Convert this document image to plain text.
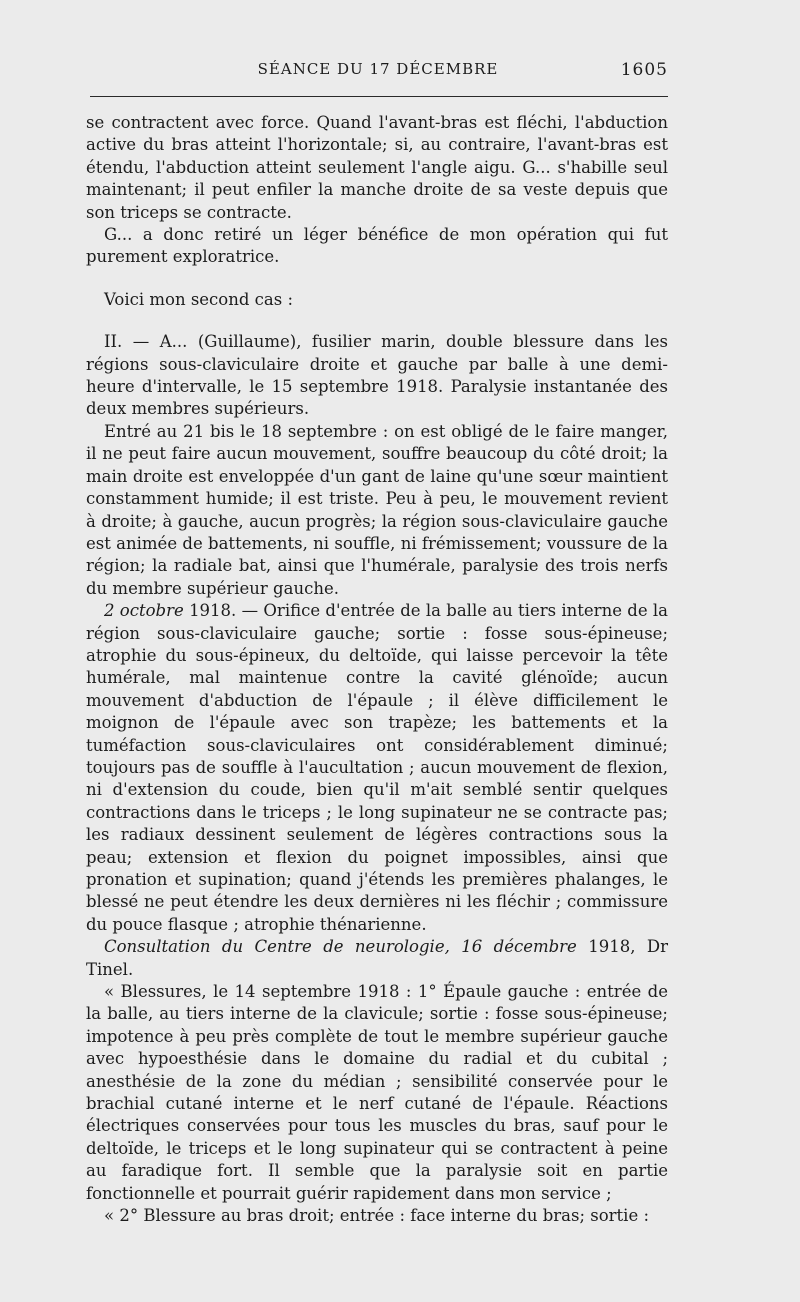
SÉANCE DU 17 DÉCEMBRE	1605

se contractent avec force. Quand l'avant-bras est fléchi, l'abduction active du bras atteint l'horizontale; si, au contraire, l'avant-bras est étendu, l'abduction atteint seulement l'angle aigu. G... s'habille seul maintenant; il peut enfiler la manche droite de sa veste depuis que son triceps se contracte.

G... a donc retiré un léger bénéfice de mon opération qui fut purement exploratrice.

Voici mon second cas :

II. — A... (Guillaume), fusilier marin, double blessure dans les régions sous-claviculaire droite et gauche par balle à une demi-heure d'intervalle, le 15 septembre 1918. Paralysie instantanée des deux membres supérieurs.

Entré au 21 bis le 18 septembre : on est obligé de le faire manger, il ne peut faire aucun mouvement, souffre beaucoup du côté droit; la main droite est enveloppée d'un gant de laine qu'une sœur maintient constamment humide; il est triste. Peu à peu, le mouvement revient à droite; à gauche, aucun progrès; la région sous-claviculaire gauche est animée de battements, ni souffle, ni frémissement; voussure de la région; la radiale bat, ainsi que l'humérale, paralysie des trois nerfs du membre supérieur gauche.

2 octobre 1918. — Orifice d'entrée de la balle au tiers interne de la région sous-claviculaire gauche; sortie : fosse sous-épineuse; atrophie du sous-épineux, du deltoïde, qui laisse percevoir la tête humérale, mal maintenue contre la cavité glénoïde; aucun mouvement d'abduction de l'épaule ; il élève difficilement le moignon de l'épaule avec son trapèze; les battements et la tuméfaction sous-claviculaires ont considérablement diminué; toujours pas de souffle à l'aucultation ; aucun mouvement de flexion, ni d'extension du coude, bien qu'il m'ait semblé sentir quelques contractions dans le triceps ; le long supinateur ne se contracte pas; les radiaux dessinent seulement de légères contractions sous la peau; extension et flexion du poignet impossibles, ainsi que pronation et supination; quand j'étends les premières phalanges, le blessé ne peut étendre les deux dernières ni les fléchir ; commissure du pouce flasque ; atrophie thénarienne.

Consultation du Centre de neurologie, 16 décembre 1918, Dr Tinel.

« Blessures, le 14 septembre 1918 : 1° Épaule gauche : entrée de la balle, au tiers interne de la clavicule; sortie : fosse sous-épineuse; impotence à peu près complète de tout le membre supérieur gauche avec hypoesthésie dans le domaine du radial et du cubital ; anesthésie de la zone du médian ; sensibilité conservée pour le brachial cutané interne et le nerf cutané de l'épaule. Réactions électriques conservées pour tous les muscles du bras, sauf pour le deltoïde, le triceps et le long supinateur qui se contractent à peine au faradique fort. Il semble que la paralysie soit en partie fonctionnelle et pourrait guérir rapidement dans mon service ;

« 2° Blessure au bras droit; entrée : face interne du bras; sortie :
